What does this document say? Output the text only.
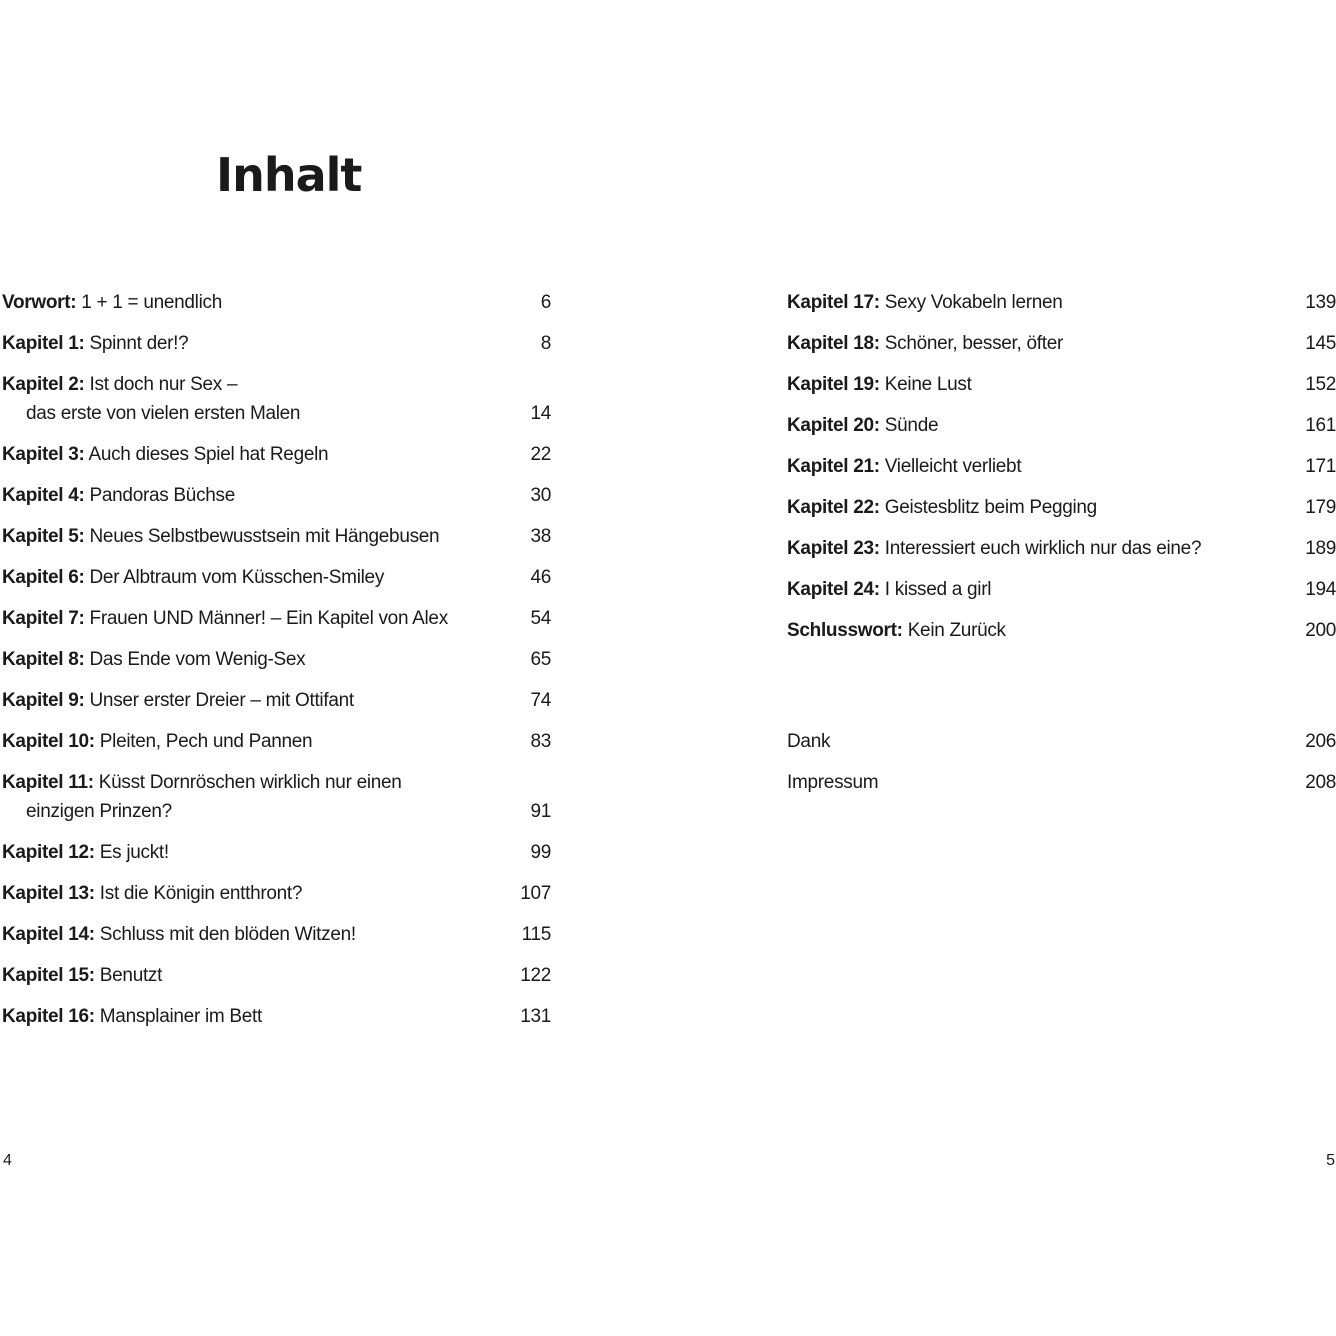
Inhalt
Vorwort: 1 + 1 = unendlich	6
Kapitel 1: Spinnt der!?	8
Kapitel 2: Ist doch nur Sex –
das erste von vielen ersten Malen	14
Kapitel 3: Auch dieses Spiel hat Regeln	22
Kapitel 4: Pandoras Büchse	30
Kapitel 5: Neues Selbstbewusstsein mit Hängebusen	38
Kapitel 6: Der Albtraum vom Küsschen-Smiley	46
Kapitel 7: Frauen UND Männer! – Ein Kapitel von Alex	54
Kapitel 8: Das Ende vom Wenig-Sex	65
Kapitel 9: Unser erster Dreier – mit Ottifant	74
Kapitel 10: Pleiten, Pech und Pannen	83
Kapitel 11: Küsst Dornröschen wirklich nur einen
einzigen Prinzen?	91
Kapitel 12: Es juckt!	99
Kapitel 13: Ist die Königin entthront?	107
Kapitel 14: Schluss mit den blöden Witzen!	115
Kapitel 15: Benutzt	122
Kapitel 16: Mansplainer im Bett	131
Kapitel 17: Sexy Vokabeln lernen	139
Kapitel 18: Schöner, besser, öfter	145
Kapitel 19: Keine Lust	152
Kapitel 20: Sünde	161
Kapitel 21: Vielleicht verliebt	171
Kapitel 22: Geistesblitz beim Pegging	179
Kapitel 23: Interessiert euch wirklich nur das eine?	189
Kapitel 24: I kissed a girl	194
Schlusswort: Kein Zurück	200
Dank	206
Impressum	208
4	5
